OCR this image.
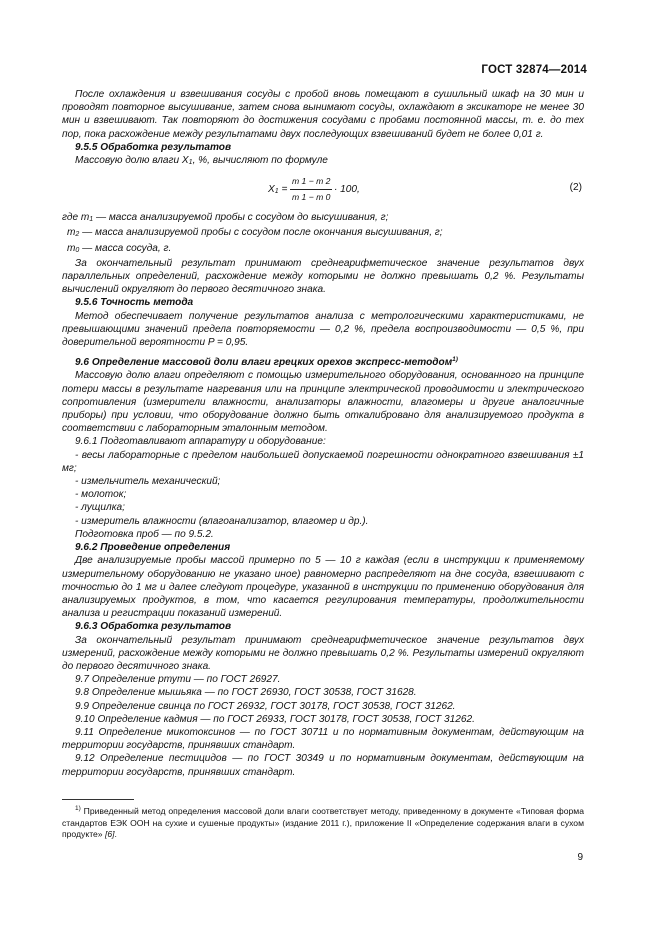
ГОСТ 32874—2014

После охлаждения и взвешивания сосуды с пробой вновь помещают в сушильный шкаф на 30 мин и проводят повторное высушивание, затем снова вынимают сосуды, охлаждают в эксикаторе не менее 30 мин и взвешивают. Так повторяют до достижения сосудами с пробами постоянной массы, т. е. до тех пор, пока расхождение между результатами двух последующих взвешиваний будет не более 0,01 г.

9.5.5 Обработка результатов

Массовую долю влаги X1, %, вычисляют по формуле

$X1 = \frac{m 1 - m 2}{m 1 - m 0} \cdot 100$,	(2)

где m1 — масса анализируемой пробы с сосудом до высушивания, г;

m2 — масса анализируемой пробы с сосудом после окончания высушивания, г;

m0 — масса сосуда, г.

За окончательный результат принимают среднеарифметическое значение результатов двух параллельных определений, расхождение между которыми не должно превышать 0,2 %. Результаты вычислений округляют до первого десятичного знака.

9.5.6 Точность метода

Метод обеспечивает получение результатов анализа с метрологическими характеристиками, не превышающими значений предела повторяемости — 0,2 %, предела воспроизводимости — 0,5 %, при доверительной вероятности P = 0,95.

9.6 Определение массовой доли влаги грецких орехов экспресс-методом$^{1)}$

Массовую долю влаги определяют с помощью измерительного оборудования, основанного на принципе потери массы в результате нагревания или на принципе электрической проводимости и электрического сопротивления (измерители влажности, анализаторы влажности, влагомеры и другие аналогичные приборы) при условии, что оборудование должно быть откалибровано для анализируемого продукта в соответствии с лабораторным эталонным методом.

9.6.1 Подготавливают аппаратуру и оборудование:

- весы лабораторные с пределом наибольшей допускаемой погрешности однократного взвешивания ±1 мг;

- измельчитель механический;

- молоток;

- лущилка;

- измеритель влажности (влагоанализатор, влагомер и др.).

Подготовка проб — по 9.5.2.

9.6.2 Проведение определения

Две анализируемые пробы массой примерно по 5 — 10 г каждая (если в инструкции к применяемому измерительному оборудованию не указано иное) равномерно распределяют на дне сосуда, взвешивают с точностью до 1 мг и далее следуют процедуре, указанной в инструкции по применению оборудования для анализируемых продуктов, в том, что касается регулирования температуры, продолжительности анализа и регистрации показаний измерений.

9.6.3 Обработка результатов

За окончательный результат принимают среднеарифметическое значение результатов двух измерений, расхождение между которыми не должно превышать 0,2 %. Результаты измерений округляют до первого десятичного знака.

9.7 Определение ртути — по ГОСТ 26927.

9.8 Определение мышьяка — по ГОСТ 26930, ГОСТ 30538, ГОСТ 31628.

9.9 Определение свинца по ГОСТ 26932, ГОСТ 30178, ГОСТ 30538, ГОСТ 31262.

9.10 Определение кадмия — по ГОСТ 26933, ГОСТ 30178, ГОСТ 30538, ГОСТ 31262.

9.11 Определение микотоксинов — по ГОСТ 30711 и по нормативным документам, действующим на территории государств, принявших стандарт.

9.12 Определение пестицидов — по ГОСТ 30349 и по нормативным документам, действующим на территории государств, принявших стандарт.

$^{1)}$ Приведенный метод определения массовой доли влаги соответствует методу, приведенному в документе «Типовая форма стандартов ЕЭК ООН на сухие и сушеные продукты» (издание 2011 г.), приложение II «Определение содержания влаги в сухом продукте» [6].
9
